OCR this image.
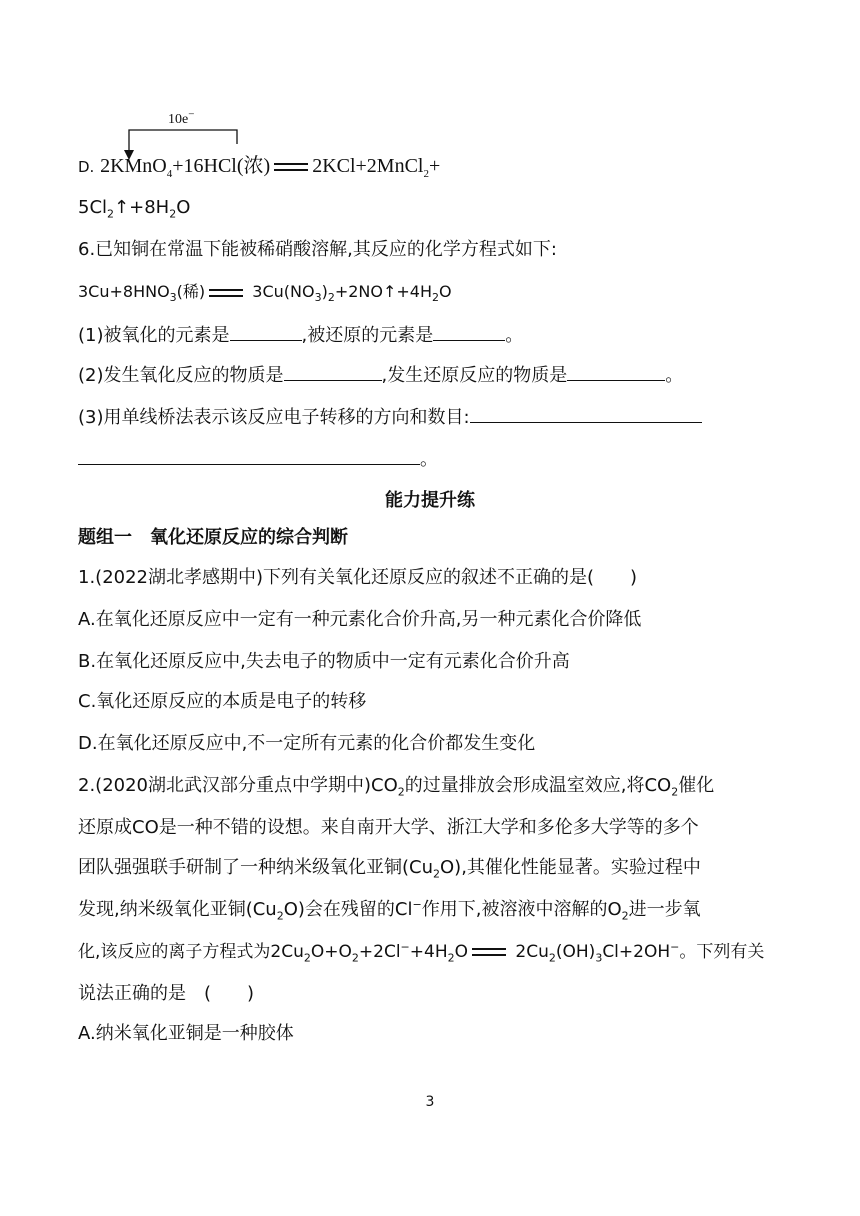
10e−
D. 2KMnO$_4$+16HCl(浓) 2KCl+2MnCl$_2$+
$5Cl_2↑+8H_2O$
6.已知铜在常温下能被稀硝酸溶解,其反应的化学方程式如下:
$3Cu+8HNO_3$(稀)	$3Cu(NO_3)_2+2NO↑+4H_2O$
(1)被氧化的元素是	,被还原的元素是	。
(2)发生氧化反应的物质是	,发生还原反应的物质是	。
(3)用单线桥法表示该反应电子转移的方向和数目:
。
能力提升练
题组一　氧化还原反应的综合判断
1.(2022湖北孝感期中)下列有关氧化还原反应的叙述不正确的是(　　)
A.在氧化还原反应中一定有一种元素化合价升高,另一种元素化合价降低
B.在氧化还原反应中,失去电子的物质中一定有元素化合价升高
C.氧化还原反应的本质是电子的转移
D.在氧化还原反应中,不一定所有元素的化合价都发生变化
2.(2020湖北武汉部分重点中学期中)$CO_2$的过量排放会形成温室效应,将$CO_2$催化
还原成CO是一种不错的设想。来自南开大学、浙江大学和多伦多大学等的多个
团队强强联手研制了一种纳米级氧化亚铜$(Cu_2O)$,其催化性能显著。实验过程中
发现,纳米级氧化亚铜$(Cu_2O)$会在残留的Cl−作用下,被溶液中溶解的$O_2$进一步氧
化,该反应的离子方程式为$2Cu_2O+O_2+2Cl^-+4H_2O$ $2Cu_2(OH)_3Cl+2OH^-$。下列有关
说法正确的是　(　　)
A.纳米氧化亚铜是一种胶体
3
